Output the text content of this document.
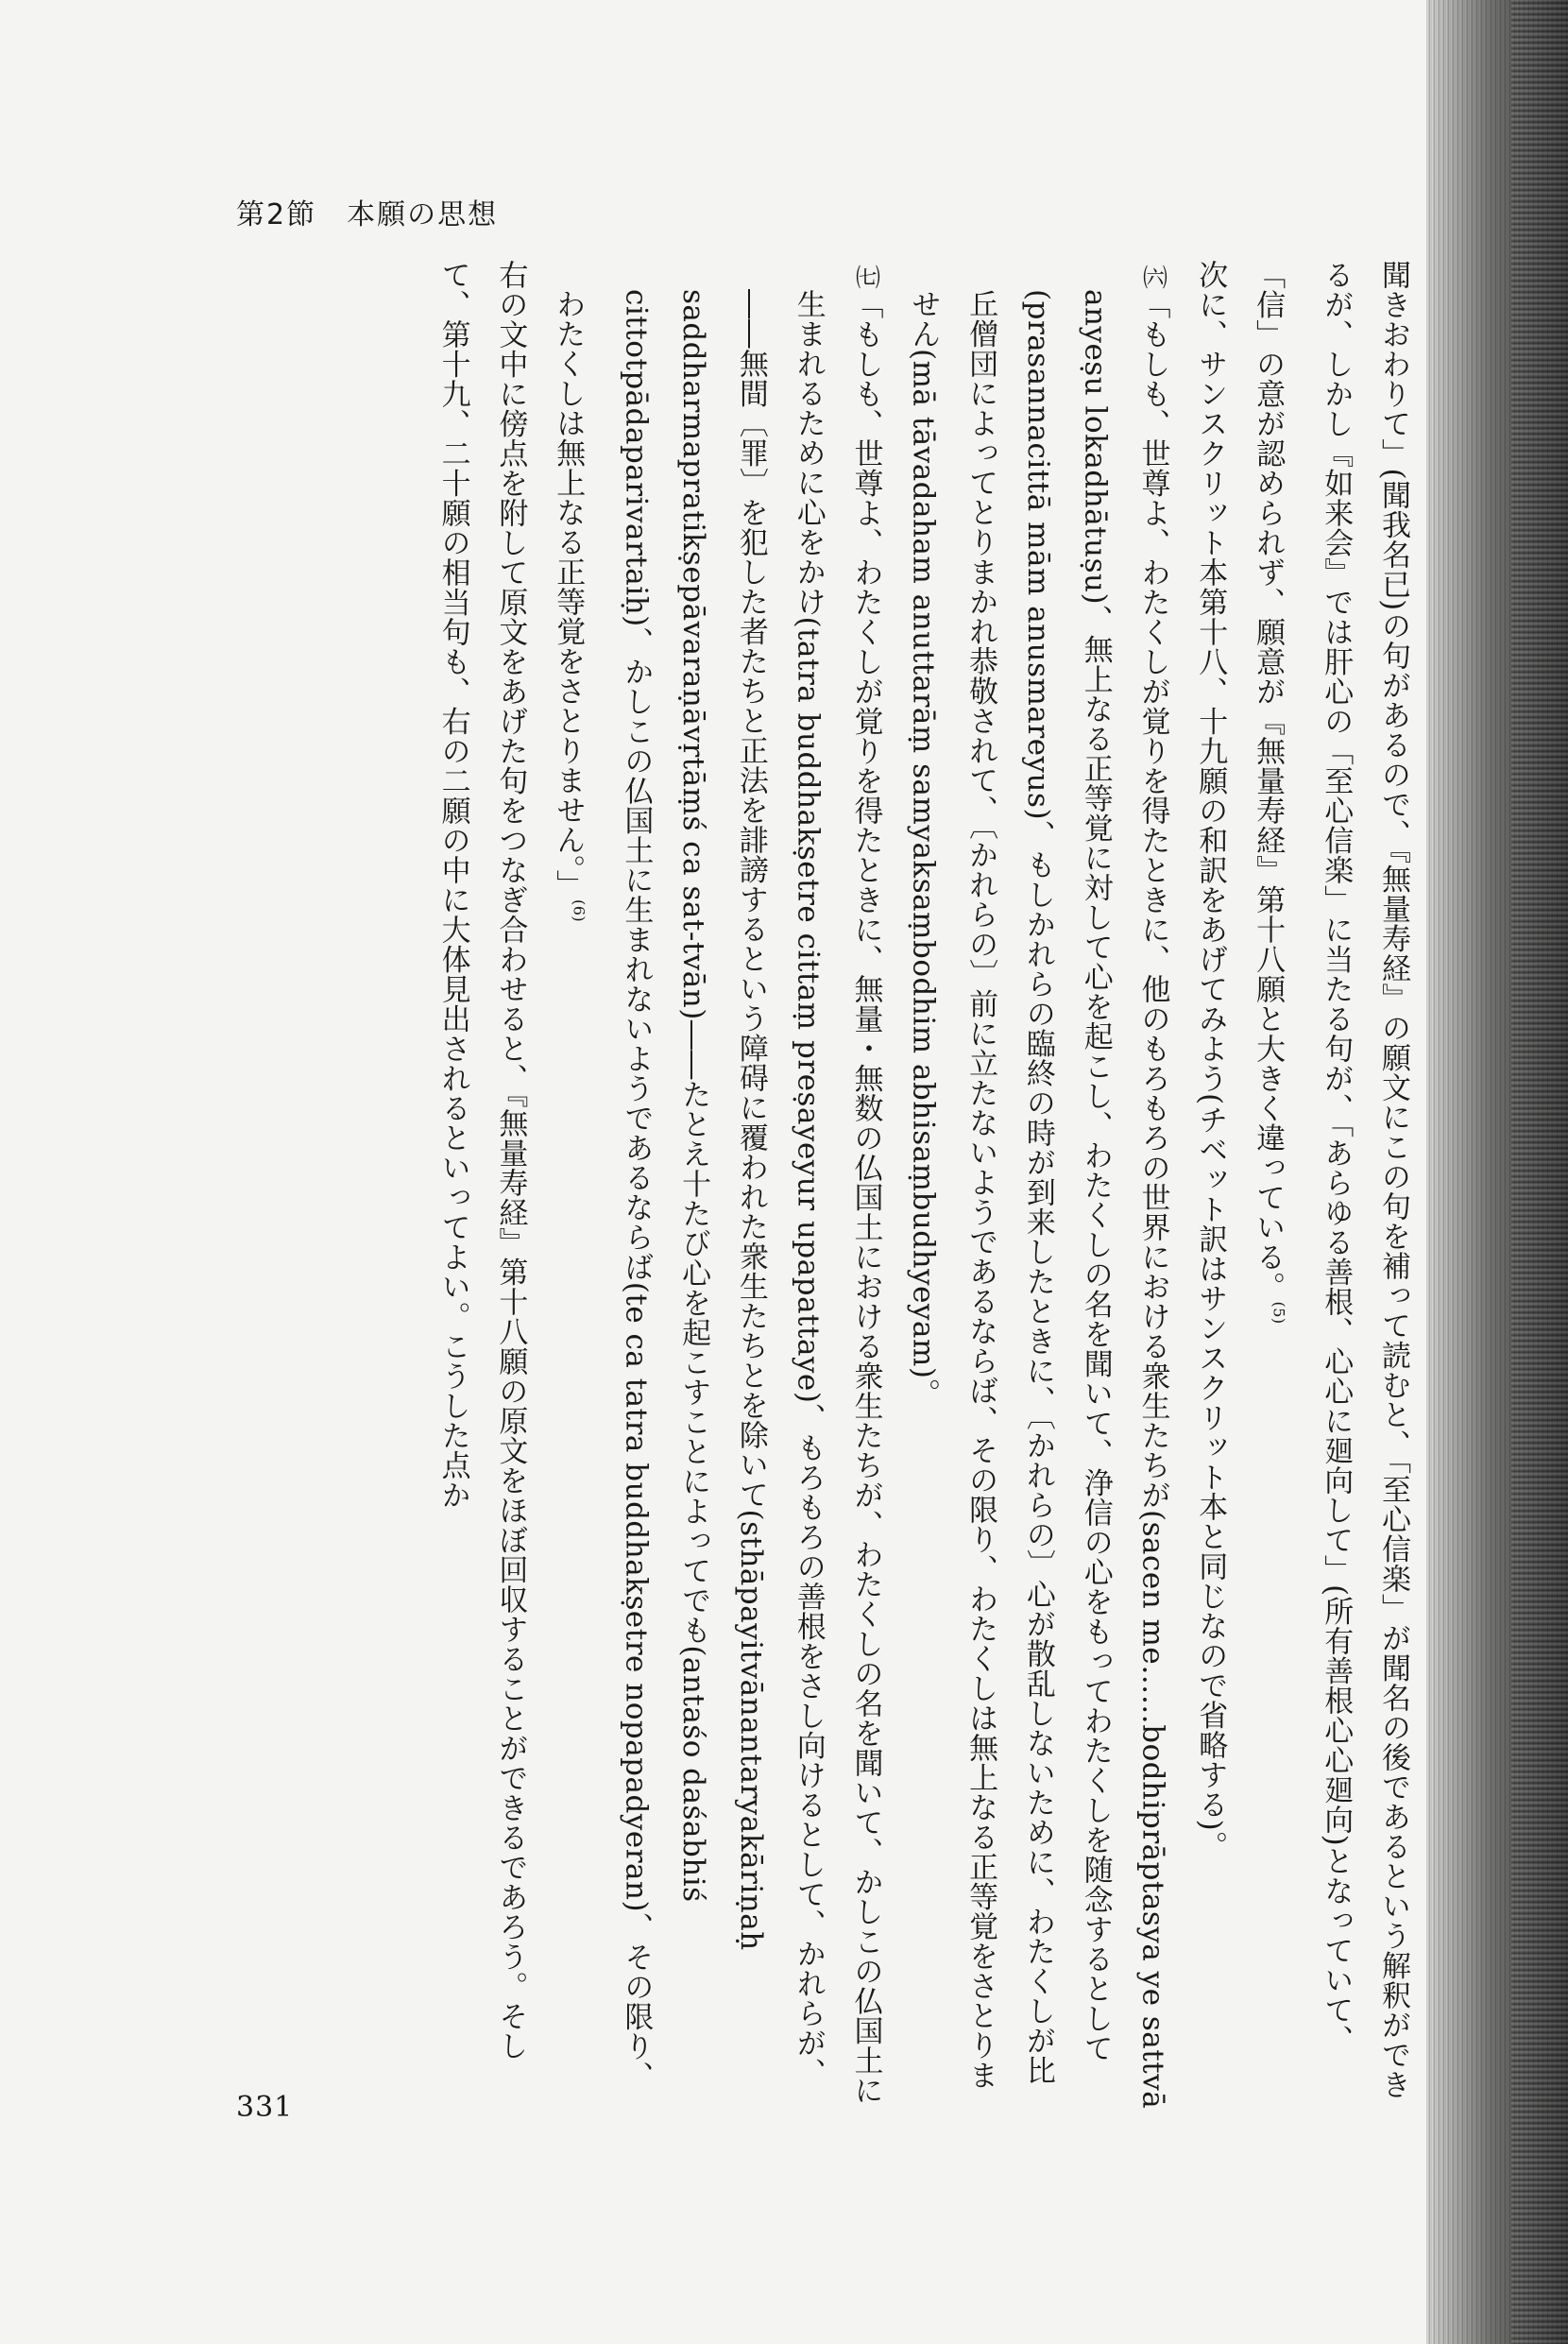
第2節　本願の思想

聞きおわりて」(聞我名已)の句があるので、『無量寿経』の願文にこの句を補って読むと、「至心信楽」が聞名の後であるという解釈ができるが、しかし『如来会』では肝心の「至心信楽」に当たる句が、「あらゆる善根、心心に廻向して」(所有善根心心廻向)となっていて、「信」の意が認められず、願意が『無量寿経』第十八願と大きく違っている。$^{(5)}$

次に、サンスクリット本第十八、十九願の和訳をあげてみよう(チベット訳はサンスクリット本と同じなので省略する)。

㈥「もしも、世尊よ、わたくしが覚りを得たときに、他のもろもろの世界における衆生たちが(sacen me……bodhiprāptasya ye sattvā anyeṣu lokadhātuṣu)、無上なる正等覚に対して心を起こし、わたくしの名を聞いて、浄信の心をもってわたくしを随念するとして(prasannacittā mām anusmareyus)、もしかれらの臨終の時が到来したときに、〔かれらの〕心が散乱しないために、わたくしが比丘僧団によってとりまかれ恭敬されて、〔かれらの〕前に立たないようであるならば、その限り、わたくしは無上なる正等覚をさとりません(mā tāvadaham anuttarāṃ samyaksaṃbodhim abhisaṃbudhyeyam)。

㈦「もしも、世尊よ、わたくしが覚りを得たときに、無量・無数の仏国土における衆生たちが、わたくしの名を聞いて、かしこの仏国土に生まれるために心をかけ(tatra buddhakṣetre cittaṃ preṣayeyur upapattaye)、もろもろの善根をさし向けるとして、かれらが、――無間〔罪〕を犯した者たちと正法を誹謗するという障碍に覆われた衆生たちとを除いて(sthāpayitvānantaryakāriṇaḥ saddharmapratikṣepāvaraṇāvṛtāṃś ca sat-tvān)――たとえ十たび心を起こすことによってでも(antaśo daśabhiś cittotpādaparivartaiḥ)、かしこの仏国土に生まれないようであるならば(te ca tatra buddhakṣetre nopapadyeran)、その限り、わたくしは無上なる正等覚をさとりません。」$^{(6)}$

右の文中に傍点を附して原文をあげた句をつなぎ合わせると、『無量寿経』第十八願の原文をほぼ回収することができるであろう。そして、第十九、二十願の相当句も、右の二願の中に大体見出されるといってよい。こうした点か

331
